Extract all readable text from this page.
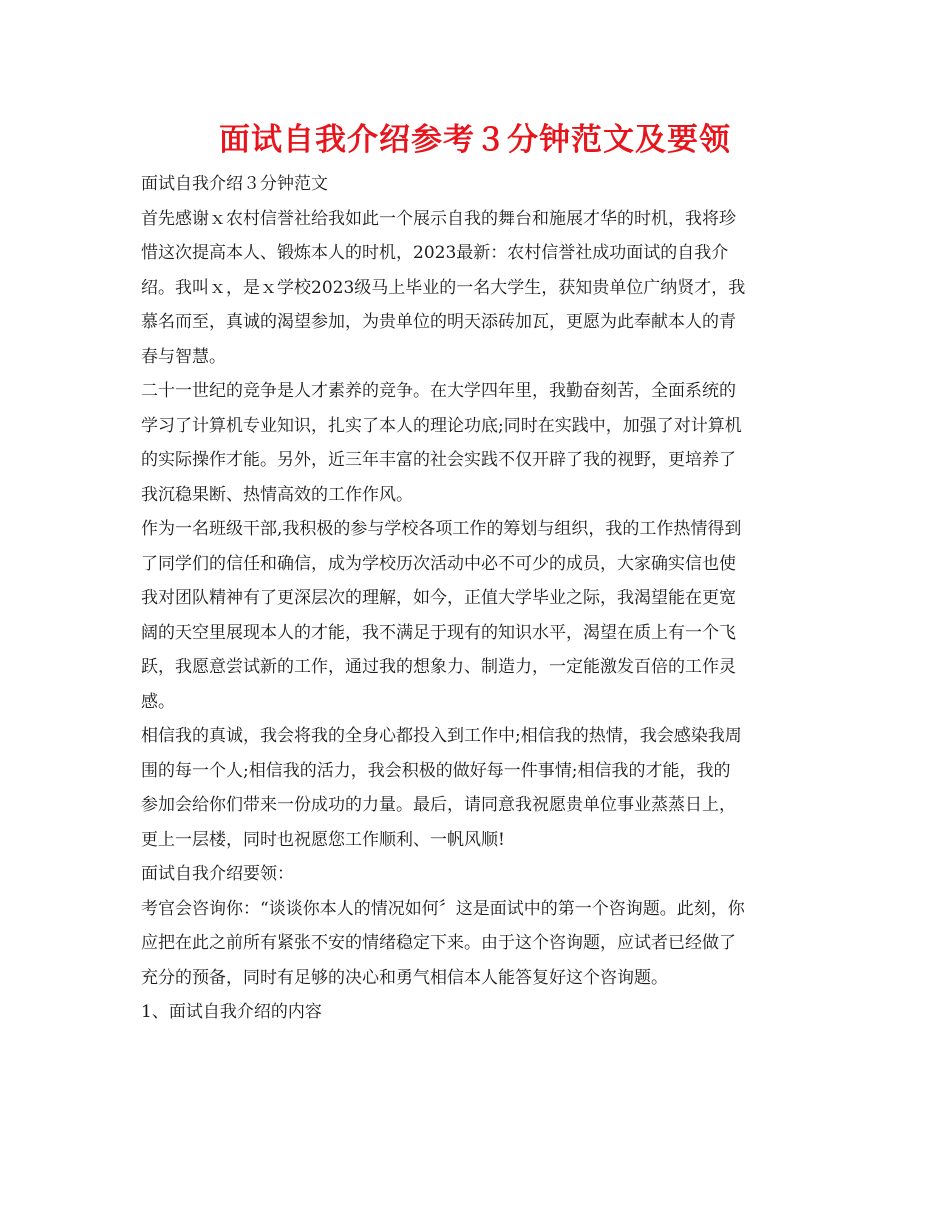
面试自我介绍参考３分钟范文及要领
面试自我介绍３分钟范文
首先感谢ｘ农村信誉社给我如此一个展示自我的舞台和施展才华的时机，我将珍
惜这次提高本人、锻炼本人的时机，2023最新：农村信誉社成功面试的自我介
绍。我叫ｘ，是ｘ学校2023级马上毕业的一名大学生，获知贵单位广纳贤才，我
慕名而至，真诚的渴望参加，为贵单位的明天添砖加瓦，更愿为此奉献本人的青
春与智慧。
二十一世纪的竞争是人才素养的竞争。在大学四年里，我勤奋刻苦，全面系统的
学习了计算机专业知识，扎实了本人的理论功底;同时在实践中，加强了对计算机
的实际操作才能。另外，近三年丰富的社会实践不仅开辟了我的视野，更培养了
我沉稳果断、热情高效的工作作风。
作为一名班级干部,我积极的参与学校各项工作的筹划与组织，我的工作热情得到
了同学们的信任和确信，成为学校历次活动中必不可少的成员，大家确实信也使
我对团队精神有了更深层次的理解，如今，正值大学毕业之际，我渴望能在更宽
阔的天空里展现本人的才能，我不满足于现有的知识水平，渴望在质上有一个飞
跃，我愿意尝试新的工作，通过我的想象力、制造力，一定能激发百倍的工作灵
感。
相信我的真诚，我会将我的全身心都投入到工作中;相信我的热情，我会感染我周
围的每一个人;相信我的活力，我会积极的做好每一件事情;相信我的才能，我的
参加会给你们带来一份成功的力量。最后，请同意我祝愿贵单位事业蒸蒸日上，
更上一层楼，同时也祝愿您工作顺利、一帆风顺!
面试自我介绍要领：
考官会咨询你：“谈谈你本人的情况如何〞这是面试中的第一个咨询题。此刻，你
应把在此之前所有紧张不安的情绪稳定下来。由于这个咨询题，应试者已经做了
充分的预备，同时有足够的决心和勇气相信本人能答复好这个咨询题。
1、面试自我介绍的内容
